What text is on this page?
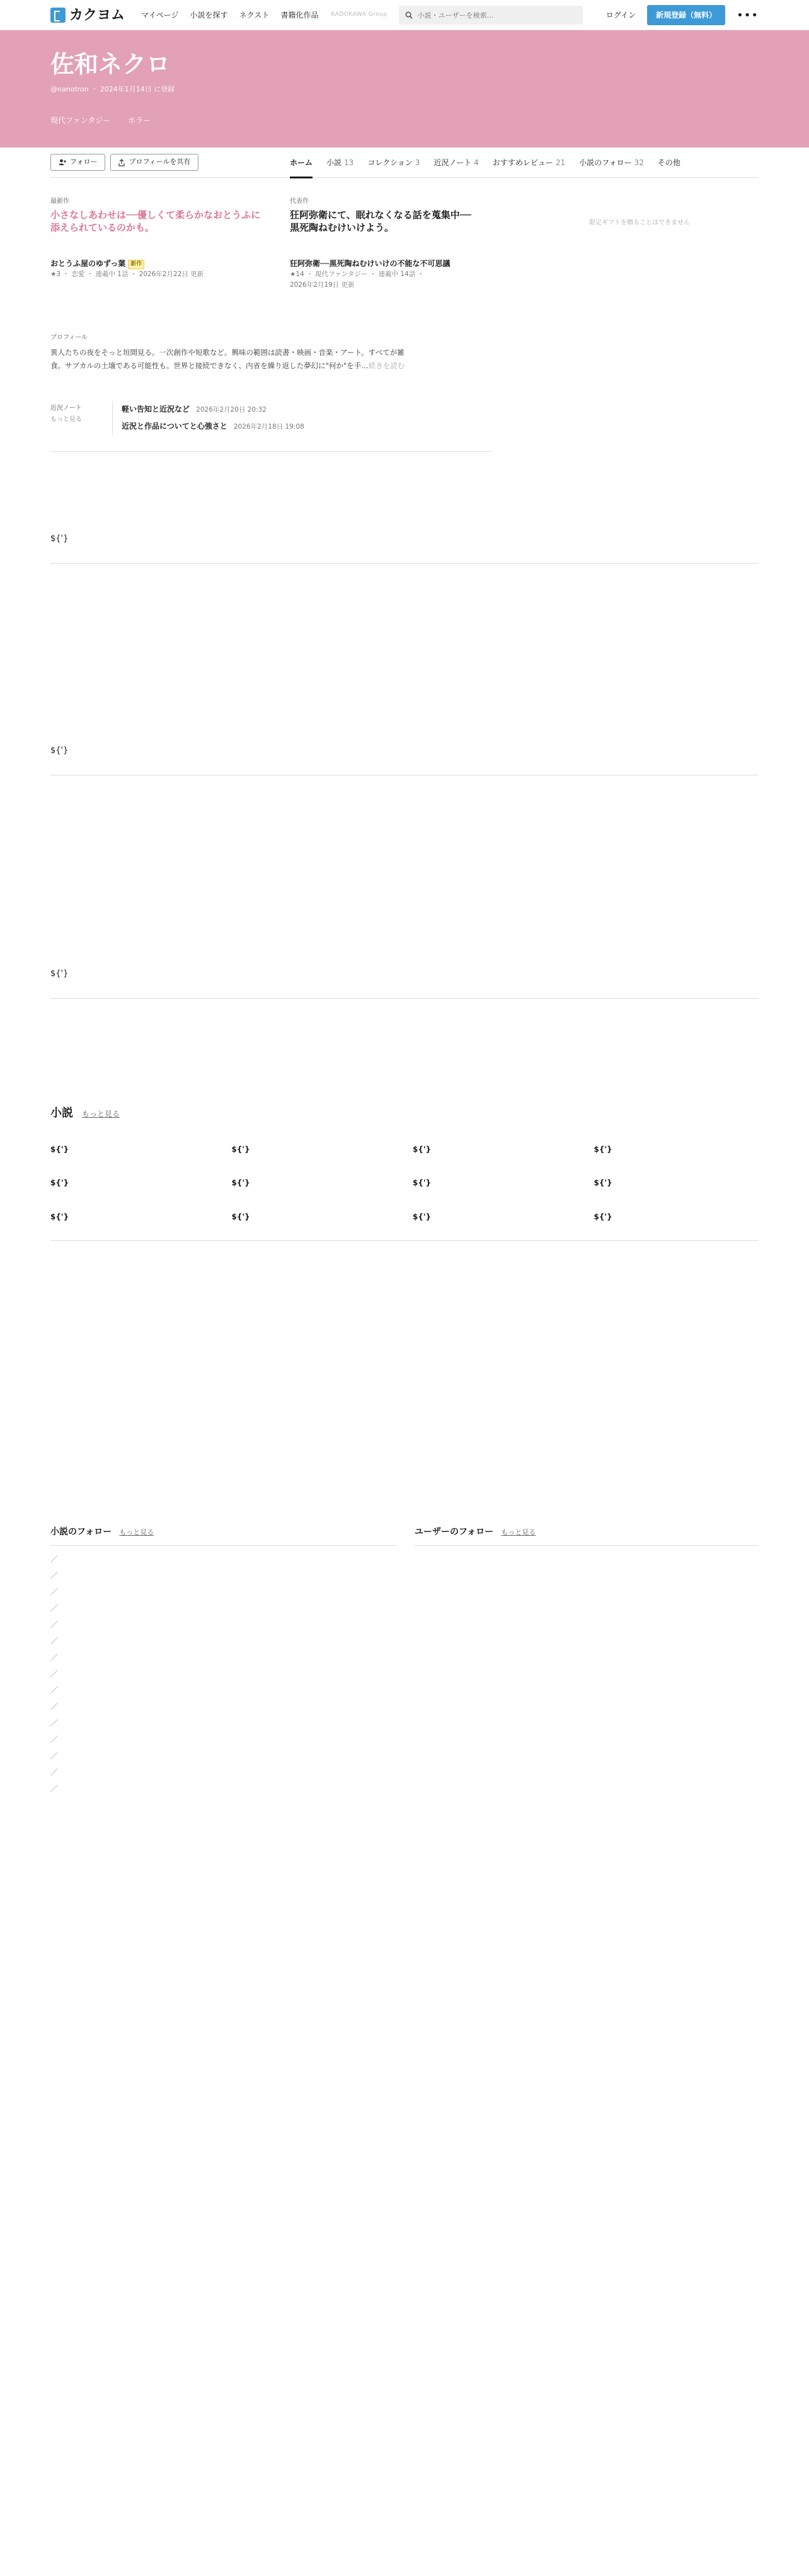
カクヨム マイページ 小説を探す ネクスト 書籍化作品 KADOKAWA Group
小説・ユーザーを検索…	ログイン	新規登録（無料）	•••
佐和ネクロ
@nanotron ・ 2024年1月14日 に登録
現代ファンタジー ホラー
フォロー	プロフィールを共有	ホーム 小説 13 コレクション 3 近況ノート 4 おすすめレビュー 21 小説のフォロー 32 その他
最新作
小さなしあわせは──優しくて柔らかなおとうふに添えられているのかも。
おとうふ屋のゆずっ葉 新作
★3 ・ 恋愛 ・ 連載中 1話 ・ 2026年2月22日 更新
代表作
狂阿弥衛にて、眠れなくなる話を蒐集中──黒死陶ねむけいけよう。
狂阿弥衛──黒死陶ねむけいけの不能な不可思議
★14 ・ 現代ファンタジー ・ 連載中 14話 ・
2026年2月19日 更新
限定ギフトを贈ることはできません
プロフィール
異人たちの夜をそっと垣間見る。一次創作や短歌など。興味の範囲は読書・映画・音楽・アート。すべてが雑
食。サブカルの土壌である可能性も。世界と接続できなく、内省を繰り返した夢幻に"何か"を手…続きを読む
近況ノート
もっと見る
軽い告知と近況など 2026年2月20日 20:32
近況と作品についてと心強さと 2026年2月18日 19:08
${'}
${'}
${'}
小説 もっと見る
${'}	${'}	${'}	${'}
${'}	${'}	${'}	${'}
${'}	${'}	${'}	${'}
小説のフォロー もっと見る
／
／
／
／
／
／
／
／
／
／
／
／
／
／
／
ユーザーのフォロー もっと見る
